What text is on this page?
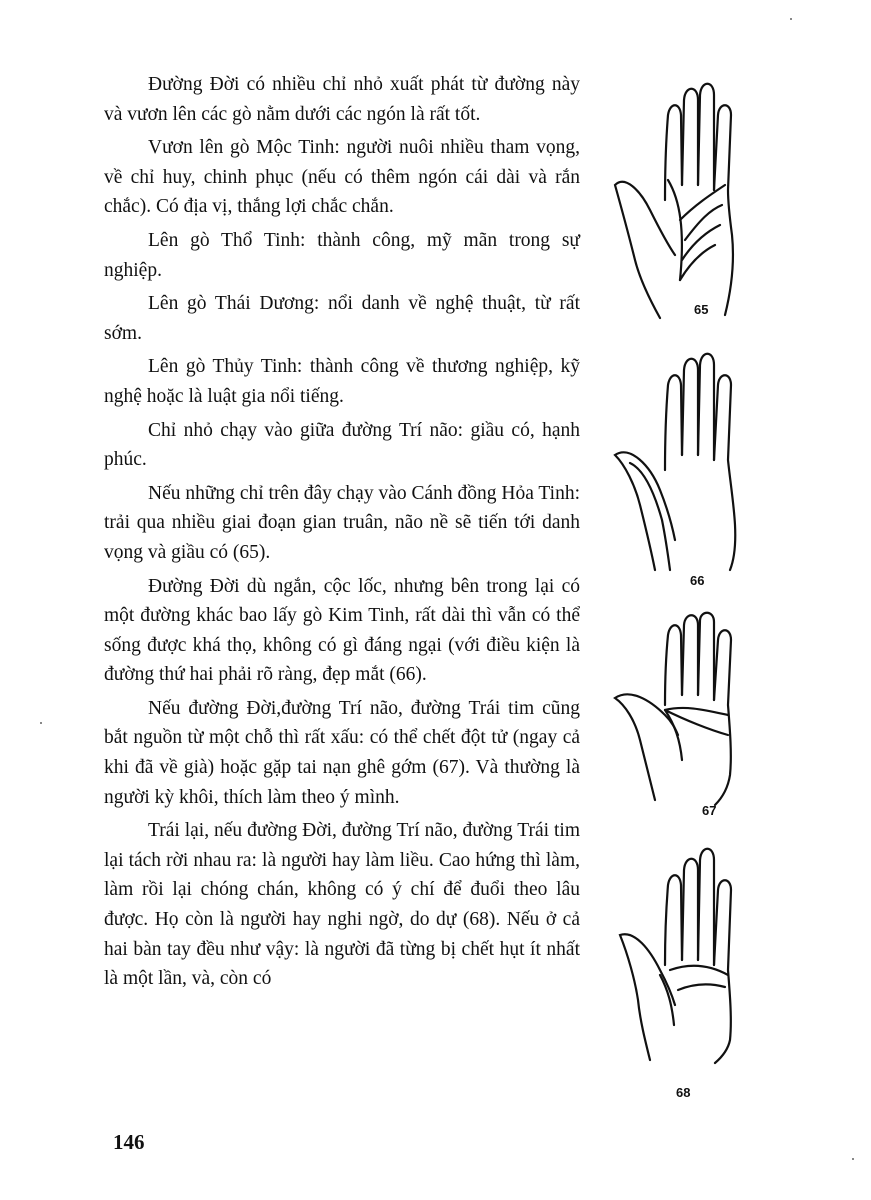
Đường Đời có nhiều chỉ nhỏ xuất phát từ đường này và vươn lên các gò nằm dưới các ngón là rất tốt.

Vươn lên gò Mộc Tinh: người nuôi nhiều tham vọng, về chỉ huy, chinh phục (nếu có thêm ngón cái dài và rắn chắc). Có địa vị, thắng lợi chắc chắn.

Lên gò Thổ Tinh: thành công, mỹ mãn trong sự nghiệp.

Lên gò Thái Dương: nổi danh về nghệ thuật, từ rất sớm.

Lên gò Thủy Tinh: thành công về thương nghiệp, kỹ nghệ hoặc là luật gia nổi tiếng.

Chỉ nhỏ chạy vào giữa đường Trí não: giầu có, hạnh phúc.

Nếu những chỉ trên đây chạy vào Cánh đồng Hỏa Tinh: trải qua nhiều giai đoạn gian truân, não nề sẽ tiến tới danh vọng và giầu có (65).

Đường Đời dù ngắn, cộc lốc, nhưng bên trong lại có một đường khác bao lấy gò Kim Tinh, rất dài thì vẫn có thể sống được khá thọ, không có gì đáng ngại (với điều kiện là đường thứ hai phải rõ ràng, đẹp mắt (66).

Nếu đường Đời,đường Trí não, đường Trái tim cũng bắt nguồn từ một chỗ thì rất xấu: có thể chết đột tử (ngay cả khi đã về già) hoặc gặp tai nạn ghê gớm (67). Và thường là người kỳ khôi, thích làm theo ý mình.

Trái lại, nếu đường Đời, đường Trí não, đường Trái tim lại tách rời nhau ra: là người hay làm liều. Cao hứng thì làm, làm rồi lại chóng chán, không có ý chí để đuổi theo lâu được. Họ còn là người hay nghi ngờ, do dự (68). Nếu ở cả hai bàn tay đều như vậy: là người đã từng bị chết hụt ít nhất là một lần, và, còn có

65
66
67
68
146
